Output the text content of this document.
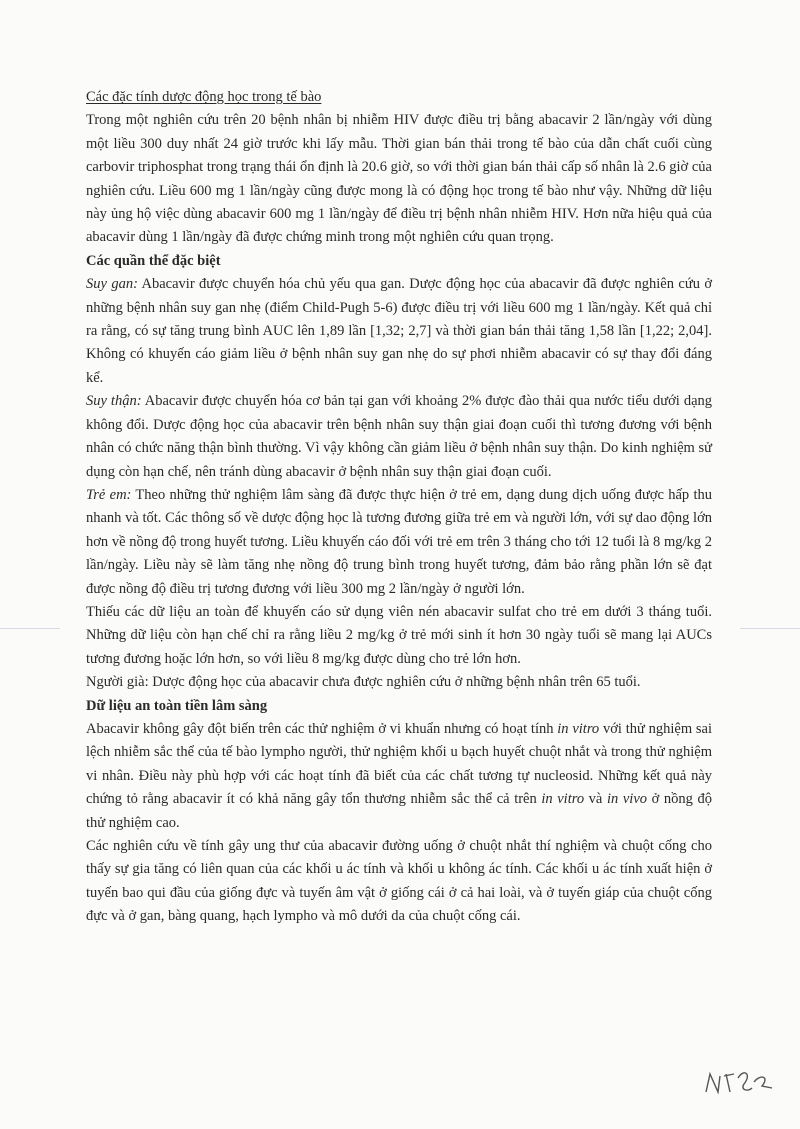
Các đặc tính dược động học trong tế bào

Trong một nghiên cứu trên 20 bệnh nhân bị nhiễm HIV được điều trị bằng abacavir 2 lần/ngày với dùng một liều 300 duy nhất 24 giờ trước khi lấy mẫu. Thời gian bán thải trong tế bào của dẫn chất cuối cùng carbovir triphosphat trong trạng thái ổn định là 20.6 giờ, so với thời gian bán thải cấp số nhân là 2.6 giờ của nghiên cứu. Liều 600 mg 1 lần/ngày cũng được mong là có động học trong tế bào như vậy. Những dữ liệu này ủng hộ việc dùng abacavir 600 mg 1 lần/ngày để điều trị bệnh nhân nhiễm HIV. Hơn nữa hiệu quả của abacavir dùng 1 lần/ngày đã được chứng minh trong một nghiên cứu quan trọng.

Các quần thể đặc biệt

Suy gan: Abacavir được chuyển hóa chủ yếu qua gan. Dược động học của abacavir đã được nghiên cứu ở những bệnh nhân suy gan nhẹ (điểm Child-Pugh 5-6) được điều trị với liều 600 mg 1 lần/ngày. Kết quả chỉ ra rằng, có sự tăng trung bình AUC lên 1,89 lần [1,32; 2,7] và thời gian bán thải tăng 1,58 lần [1,22; 2,04]. Không có khuyến cáo giảm liều ở bệnh nhân suy gan nhẹ do sự phơi nhiễm abacavir có sự thay đổi đáng kể.

Suy thận: Abacavir được chuyển hóa cơ bản tại gan với khoảng 2% được đào thải qua nước tiểu dưới dạng không đổi. Dược động học của abacavir trên bệnh nhân suy thận giai đoạn cuối thì tương đương với bệnh nhân có chức năng thận bình thường. Vì vậy không cần giảm liều ở bệnh nhân suy thận. Do kinh nghiệm sử dụng còn hạn chế, nên tránh dùng abacavir ở bệnh nhân suy thận giai đoạn cuối.

Trẻ em: Theo những thử nghiệm lâm sàng đã được thực hiện ở trẻ em, dạng dung dịch uống được hấp thu nhanh và tốt. Các thông số về dược động học là tương đương giữa trẻ em và người lớn, với sự dao động lớn hơn về nồng độ trong huyết tương. Liều khuyến cáo đối với trẻ em trên 3 tháng cho tới 12 tuổi là 8 mg/kg 2 lần/ngày. Liều này sẽ làm tăng nhẹ nồng độ trung bình trong huyết tương, đảm bảo rằng phần lớn sẽ đạt được nồng độ điều trị tương đương với liều 300 mg 2 lần/ngày ở người lớn.

Thiếu các dữ liệu an toàn để khuyến cáo sử dụng viên nén abacavir sulfat cho trẻ em dưới 3 tháng tuổi. Những dữ liệu còn hạn chế chỉ ra rằng liều 2 mg/kg ở trẻ mới sinh ít hơn 30 ngày tuổi sẽ mang lại AUCs tương đương hoặc lớn hơn, so với liều 8 mg/kg được dùng cho trẻ lớn hơn.

Người già: Dược động học của abacavir chưa được nghiên cứu ở những bệnh nhân trên 65 tuổi.

Dữ liệu an toàn tiền lâm sàng

Abacavir không gây đột biến trên các thử nghiệm ở vi khuẩn nhưng có hoạt tính in vitro với thử nghiệm sai lệch nhiễm sắc thể của tế bào lympho người, thử nghiệm khối u bạch huyết chuột nhắt và trong thử nghiệm vi nhân. Điều này phù hợp với các hoạt tính đã biết của các chất tương tự nucleosid. Những kết quả này chứng tỏ rằng abacavir ít có khả năng gây tổn thương nhiễm sắc thể cả trên in vitro và in vivo ở nồng độ thử nghiệm cao.

Các nghiên cứu về tính gây ung thư của abacavir đường uống ở chuột nhắt thí nghiệm và chuột cống cho thấy sự gia tăng có liên quan của các khối u ác tính và khối u không ác tính. Các khối u ác tính xuất hiện ở tuyến bao qui đầu của giống đực và tuyến âm vật ở giống cái ở cả hai loài, và ở tuyến giáp của chuột cống đực và ở gan, bàng quang, hạch lympho và mô dưới da của chuột cống cái.
